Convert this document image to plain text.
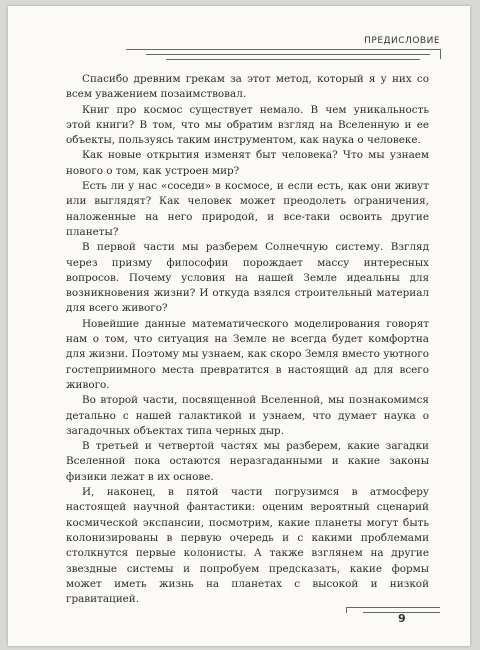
ПРЕДИСЛОВИЕ

Спасибо древним грекам за этот метод, который я у них со всем уважением позаимствовал.

Книг про космос существует немало. В чем уникальность этой книги? В том, что мы обратим взгляд на Вселенную и ее объекты, пользуясь таким инструментом, как наука о человеке.

Как новые открытия изменят быт человека? Что мы узнаем нового о том, как устроен мир?

Есть ли у нас «соседи» в космосе, и если есть, как они живут или выглядят? Как человек может преодолеть ограничения, наложенные на него природой, и все-таки освоить другие планеты?

В первой части мы разберем Солнечную систему. Взгляд через призму философии порождает массу интересных вопросов. Почему условия на нашей Земле идеальны для возникновения жизни? И откуда взялся строительный материал для всего живого?

Новейшие данные математического моделирования говорят нам о том, что ситуация на Земле не всегда будет комфортна для жизни. Поэтому мы узнаем, как скоро Земля вместо уютного гостеприимного места превратится в настоящий ад для всего живого.

Во второй части, посвященной Вселенной, мы познакомимся детально с нашей галактикой и узнаем, что думает наука о загадочных объектах типа черных дыр.

В третьей и четвертой частях мы разберем, какие загадки Вселенной пока остаются неразгаданными и какие законы физики лежат в их основе.

И, наконец, в пятой части погрузимся в атмосферу настоящей научной фантастики: оценим вероятный сценарий космической экспансии, посмотрим, какие планеты могут быть колонизированы в первую очередь и с какими проблемами столкнутся первые колонисты. А также взглянем на другие звездные системы и попробуем предсказать, какие формы может иметь жизнь на планетах с высокой и низкой гравитацией.

9
